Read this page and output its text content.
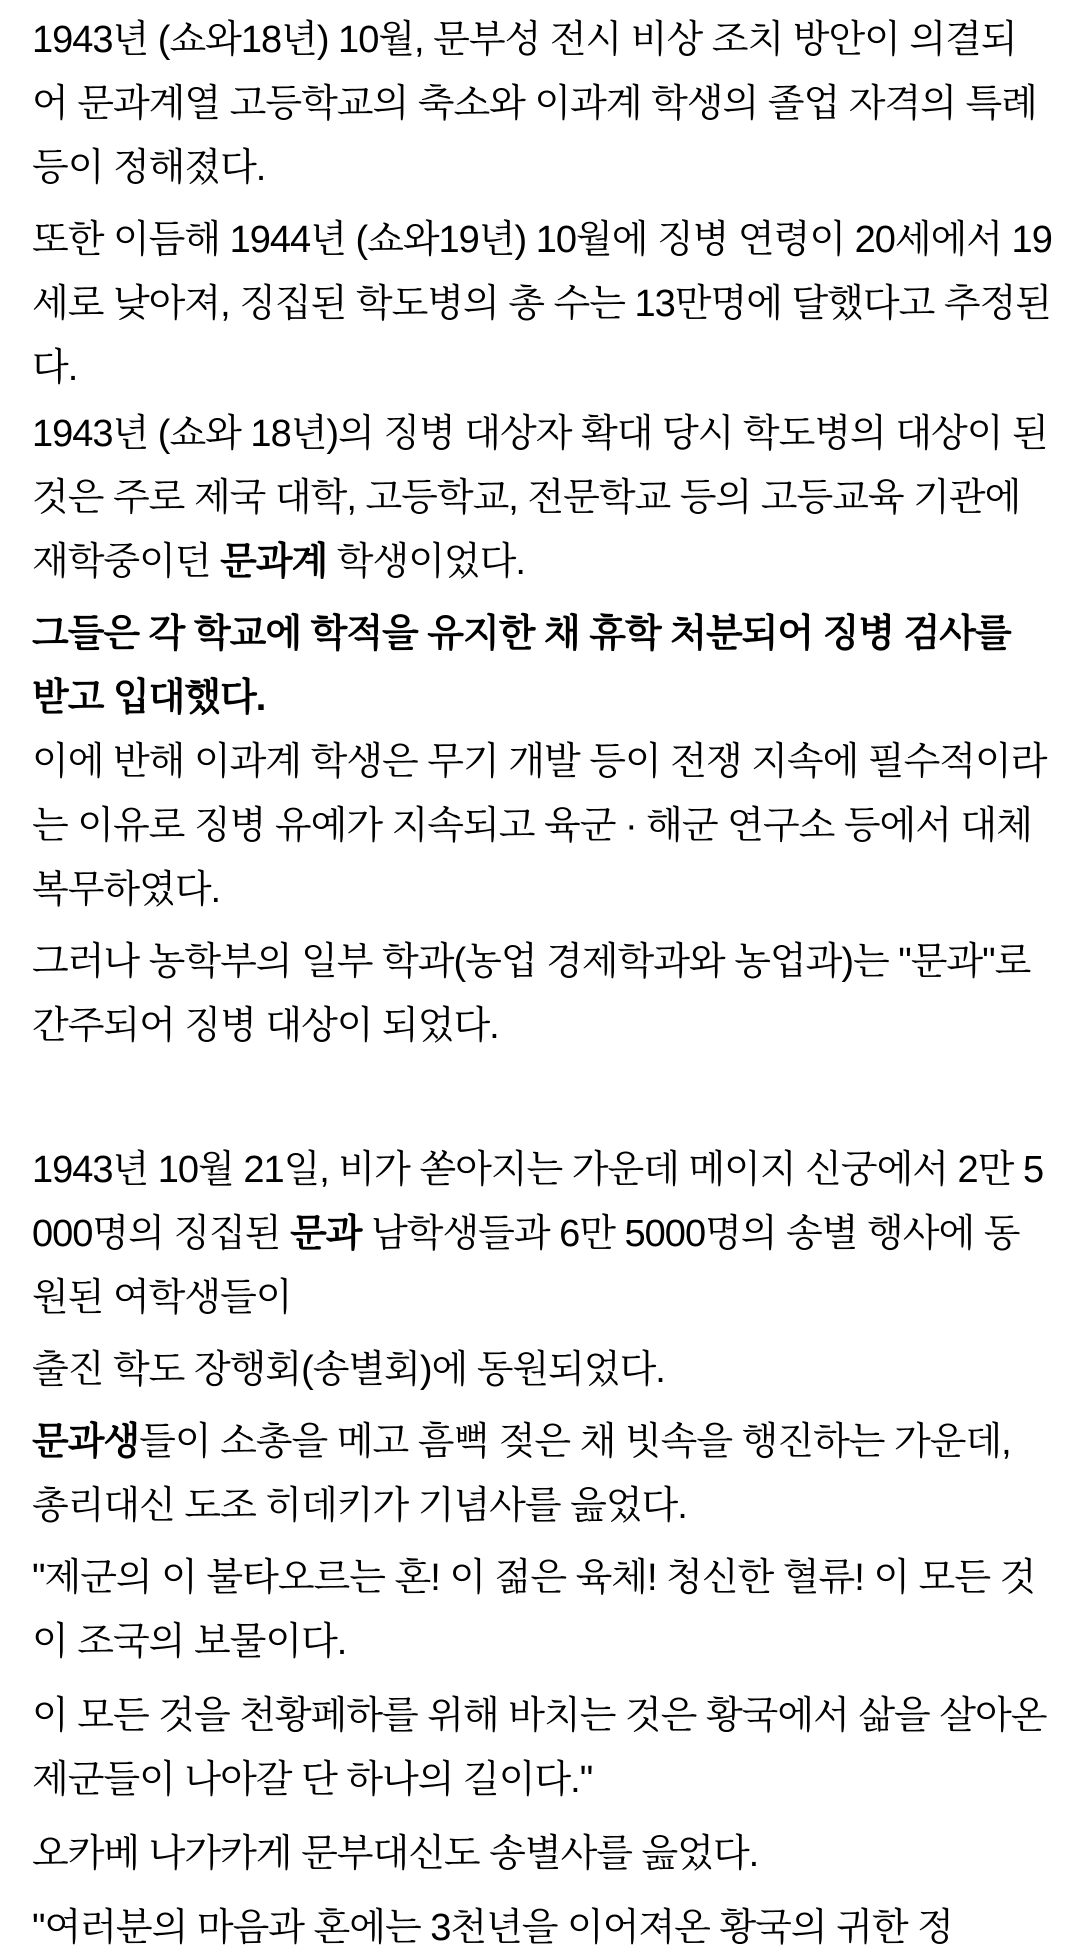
1943년 (쇼와18년) 10월, 문부성 전시 비상 조치 방안이 의결되어 문과계열 고등학교의 축소와 이과계 학생의 졸업 자격의 특례 등이 정해졌다.

또한 이듬해 1944년 (쇼와19년) 10월에 징병 연령이 20세에서 19세로 낮아져, 징집된 학도병의 총 수는 13만명에 달했다고 추정된다.

1943년 (쇼와 18년)의 징병 대상자 확대 당시 학도병의 대상이 된 것은 주로 제국 대학, 고등학교, 전문학교 등의 고등교육 기관에 재학중이던 문과계 학생이었다.

그들은 각 학교에 학적을 유지한 채 휴학 처분되어 징병 검사를 받고 입대했다.

이에 반해 이과계 학생은 무기 개발 등이 전쟁 지속에 필수적이라는 이유로 징병 유예가 지속되고 육군 · 해군 연구소 등에서 대체복무하였다.

그러나 농학부의 일부 학과(농업 경제학과와 농업과)는 "문과"로 간주되어 징병 대상이 되었다.

1943년 10월 21일, 비가 쏟아지는 가운데 메이지 신궁에서 2만 5000명의 징집된 문과 남학생들과 6만 5000명의 송별 행사에 동원된 여학생들이

출진 학도 장행회(송별회)에 동원되었다.

문과생들이 소총을 메고 흠뻑 젖은 채 빗속을 행진하는 가운데, 총리대신 도조 히데키가 기념사를 읊었다.

"제군의 이 불타오르는 혼! 이 젊은 육체! 청신한 혈류! 이 모든 것이 조국의 보물이다.

이 모든 것을 천황페하를 위해 바치는 것은 황국에서 삶을 살아온 제군들이 나아갈 단 하나의 길이다."

오카베 나가카게 문부대신도 송별사를 읊었다.

"여러분의 마음과 혼에는 3천년을 이어져온 황국의 귀한 정
